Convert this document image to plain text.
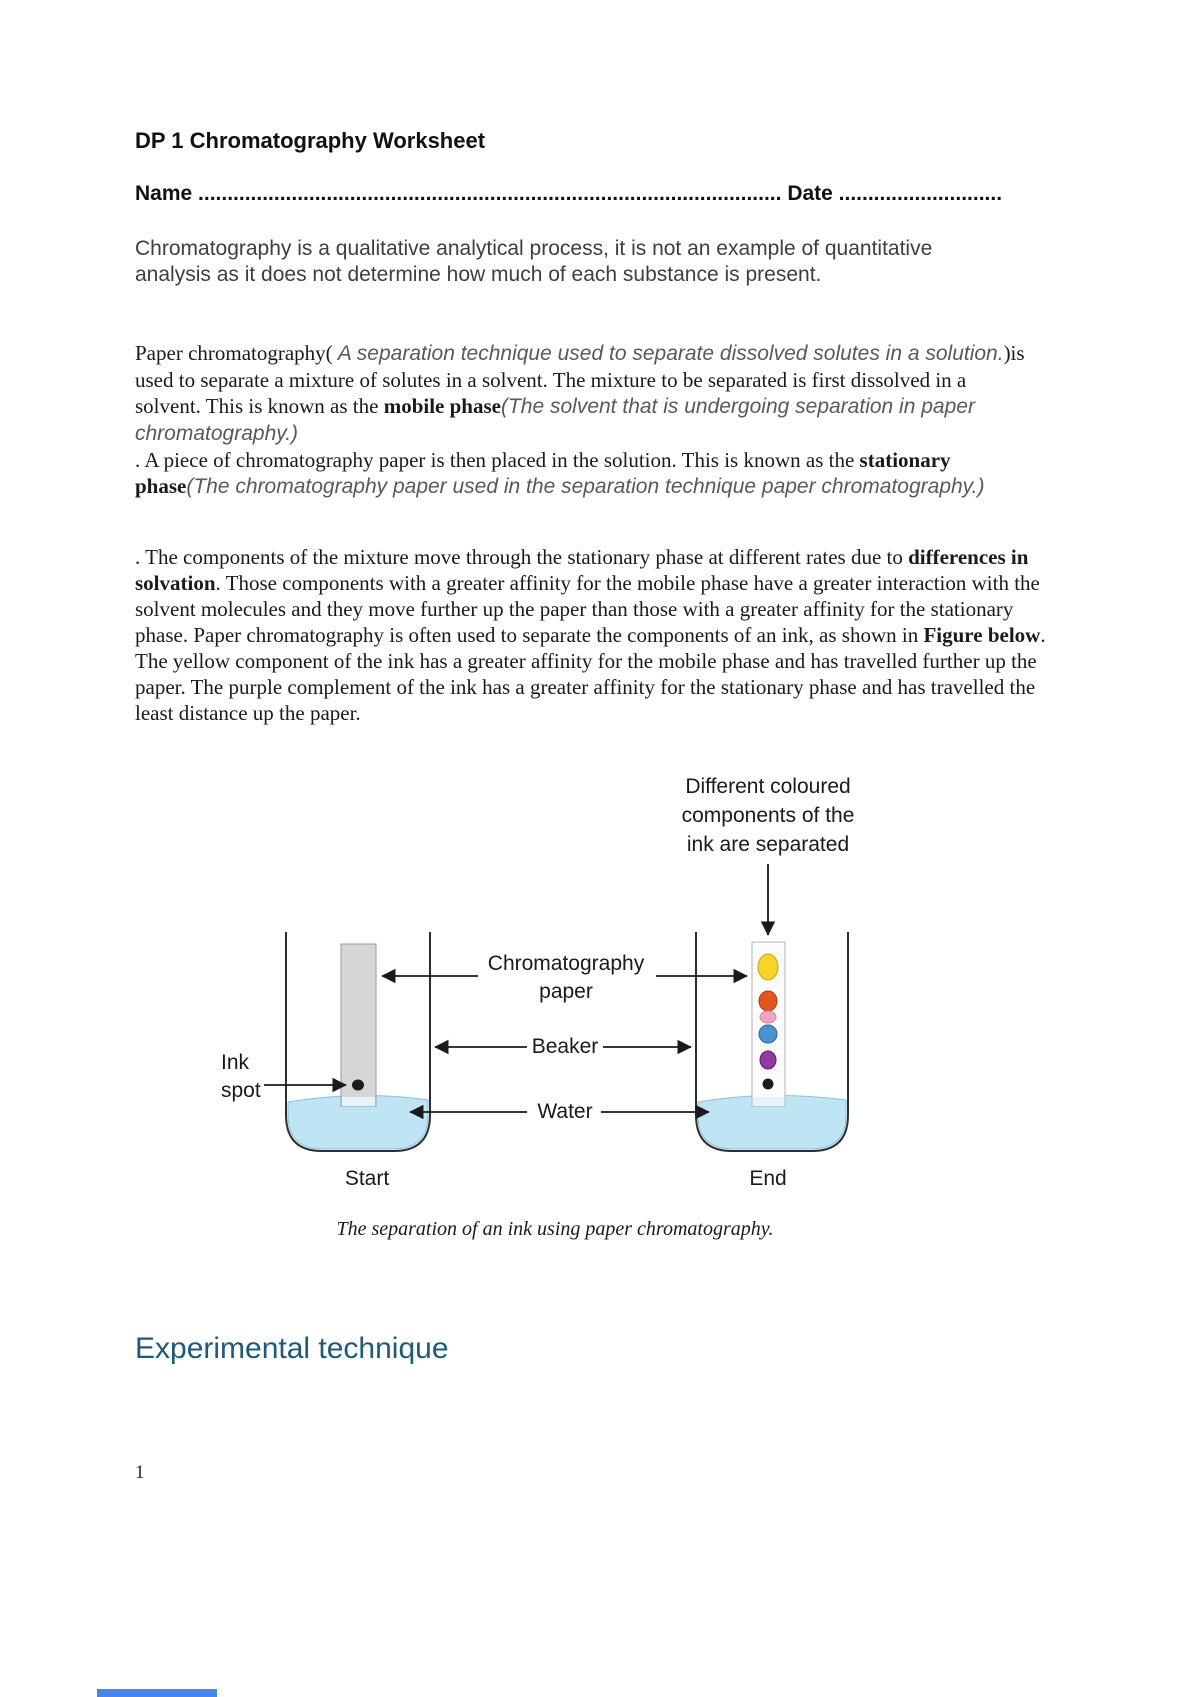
DP 1 Chromatography Worksheet
Name .................................................................................................... Date ............................

Chromatography is a qualitative analytical process, it is not an example of quantitative analysis as it does not determine how much of each substance is present.

Paper chromatography( A separation technique used to separate dissolved solutes in a solution.)is used to separate a mixture of solutes in a solvent. The mixture to be separated is first dissolved in a solvent. This is known as the mobile phase(The solvent that is undergoing separation in paper chromatography.)
. A piece of chromatography paper is then placed in the solution. This is known as the stationary phase(The chromatography paper used in the separation technique paper chromatography.)

. The components of the mixture move through the stationary phase at different rates due to differences in solvation. Those components with a greater affinity for the mobile phase have a greater interaction with the solvent molecules and they move further up the paper than those with a greater affinity for the stationary phase. Paper chromatography is often used to separate the components of an ink, as shown in Figure below. The yellow component of the ink has a greater affinity for the mobile phase and has travelled further up the paper. The purple complement of the ink has a greater affinity for the stationary phase and has travelled the least distance up the paper.

Different coloured components of the ink are separated
Chromatography paper
Beaker
Water
Ink spot
Start	End
The separation of an ink using paper chromatography.
Experimental technique
1
